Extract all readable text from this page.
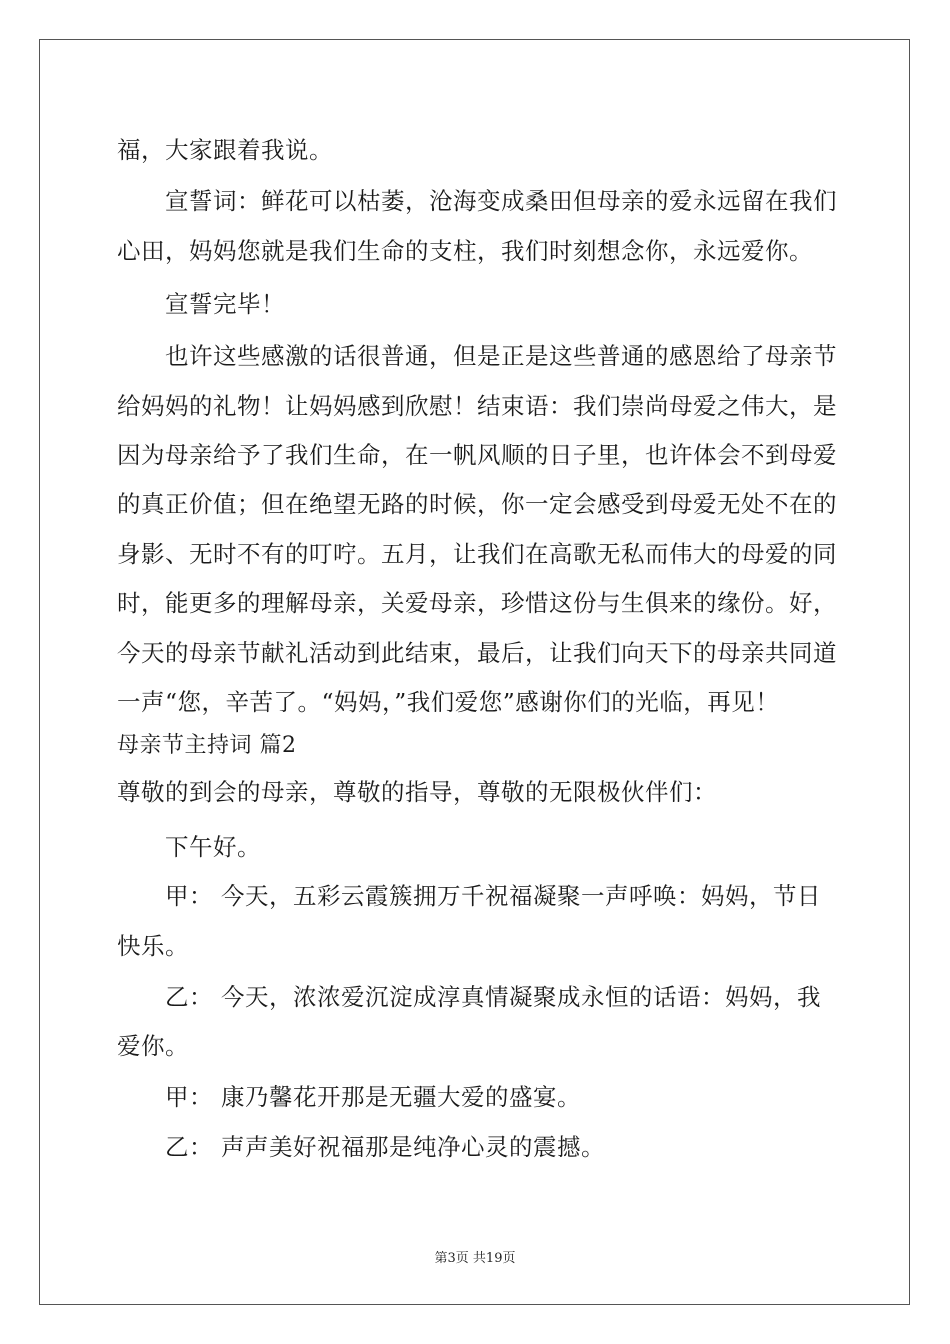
福，大家跟着我说。
宣誓词：鲜花可以枯萎，沧海变成桑田但母亲的爱永远留在我们
心田，妈妈您就是我们生命的支柱，我们时刻想念你，永远爱你。
宣誓完毕！
也许这些感激的话很普通，但是正是这些普通的感恩给了母亲节
给妈妈的礼物！让妈妈感到欣慰！结束语：我们崇尚母爱之伟大，是
因为母亲给予了我们生命，在一帆风顺的日子里，也许体会不到母爱
的真正价值；但在绝望无路的时候，你一定会感受到母爱无处不在的
身影、无时不有的叮咛。五月，让我们在高歌无私而伟大的母爱的同
时，能更多的理解母亲，关爱母亲，珍惜这份与生俱来的缘份。好，
今天的母亲节献礼活动到此结束，最后，让我们向天下的母亲共同道
一声“您，辛苦了。“妈妈，”我们爱您”感谢你们的光临，再见！
母亲节主持词 篇2
尊敬的到会的母亲，尊敬的指导，尊敬的无限极伙伴们：
下午好。
甲： 今天，五彩云霞簇拥万千祝福凝聚一声呼唤：妈妈，节日
快乐。
乙： 今天，浓浓爱沉淀成淳真情凝聚成永恒的话语：妈妈，我
爱你。
甲： 康乃馨花开那是无疆大爱的盛宴。
乙： 声声美好祝福那是纯净心灵的震撼。
第3页 共19页
